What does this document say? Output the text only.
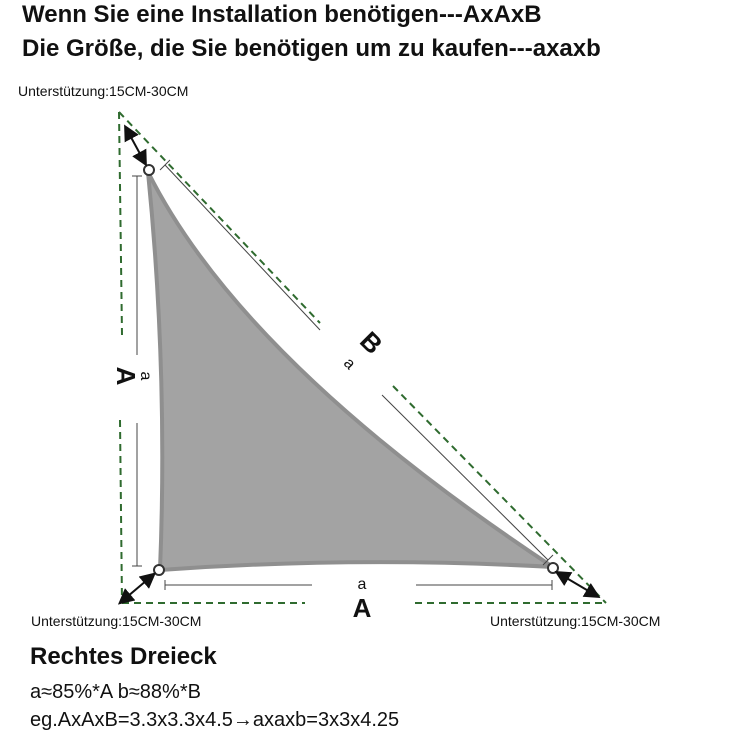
Wenn Sie eine Installation benötigen---AxAxB
Die Größe, die Sie benötigen um zu kaufen---axaxb
Unterstützung:15CM-30CM
a
A
a
A
B
a
Unterstützung:15CM-30CM	Unterstützung:15CM-30CM
Rechtes Dreieck
a≈85%*A b≈88%*B
eg.AxAxB=3.3x3.3x4.5→axaxb=3x3x4.25
